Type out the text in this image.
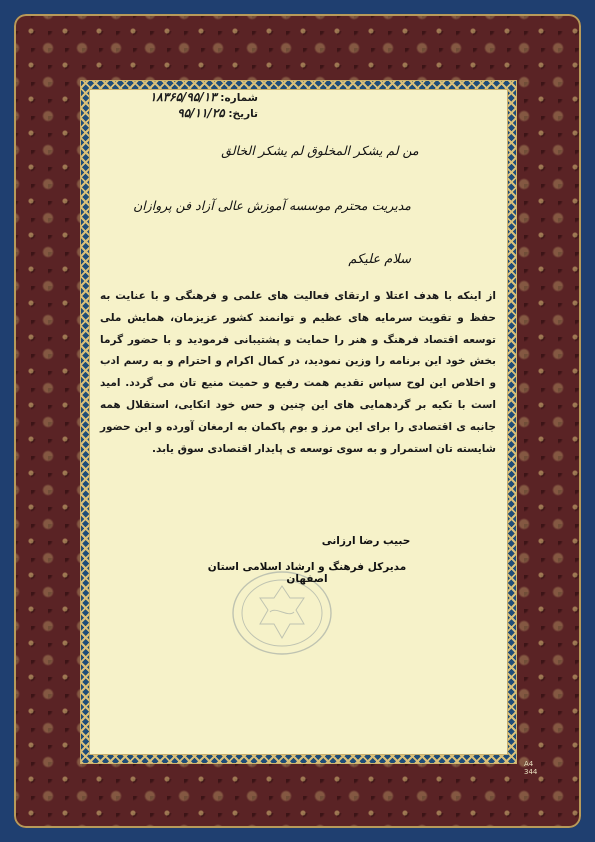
شماره: ۱۸۳۶۵/۹۵/۱۳
تاریخ: ۹۵/۱۱/۲۵
من لم یشکر المخلوق لم یشکر الخالق
مدیریت محترم موسسه آموزش عالی آزاد فن پروازان
سلام علیکم

از اینکه با هدف اعتلا و ارتقای فعالیت های علمی و فرهنگی و با عنایت به حفظ و تقویت سرمایه های عظیم و توانمند کشور عزیزمان، همایش ملی توسعه اقتصاد فرهنگ و هنر را حمایت و پشتیبانی فرمودید و با حضور گرما بخش خود این برنامه را وزین نمودید، در کمال اکرام و احترام و به رسم ادب و اخلاص این لوح سپاس تقدیم همت رفیع و حمیت منیع تان می گردد. امید است با تکیه بر گردهمایی های این چنین و حس خود اتکایی، استقلال همه جانبه ی اقتصادی را برای این مرز و بوم پاکمان به ارمغان آورده و این حضور شایسته تان استمرار و به سوی توسعه ی پایدار اقتصادی سوق یابد.

حبیب رضا ارزانی
مدیرکل فرهنگ و ارشاد اسلامی استان اصفهان
A4
344
